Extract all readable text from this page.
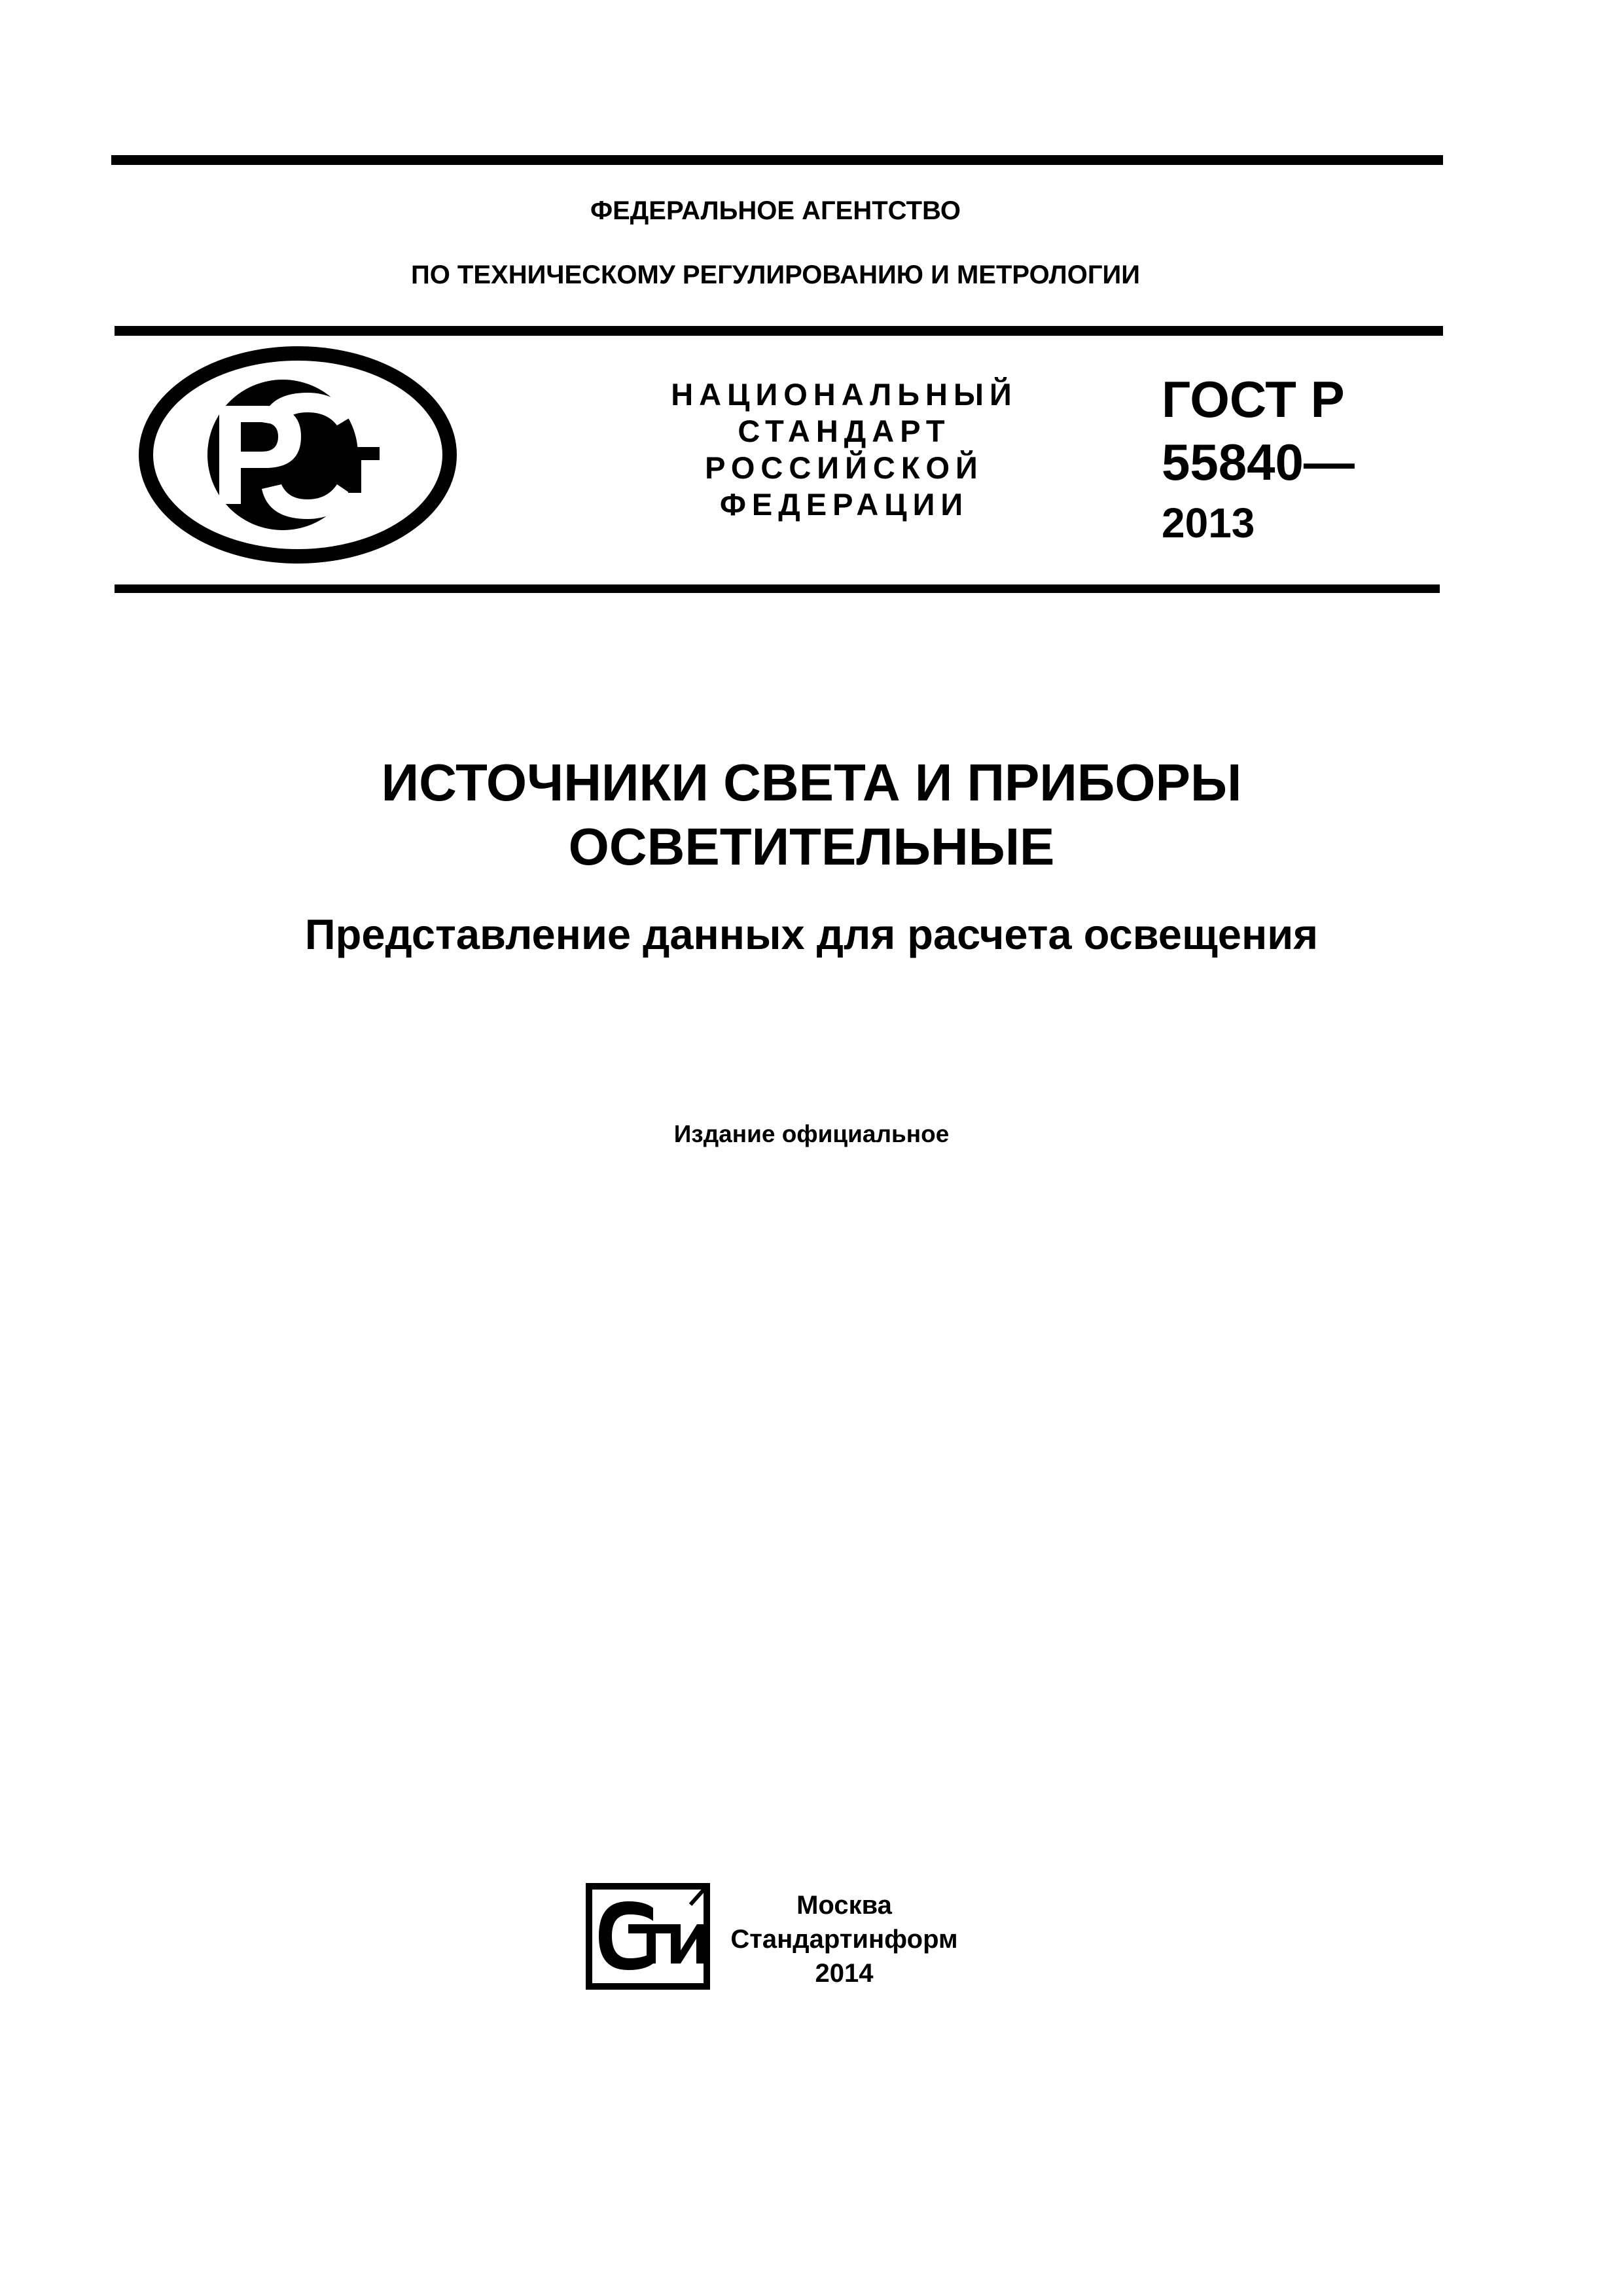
ФЕДЕРАЛЬНОЕ АГЕНТСТВО
ПО ТЕХНИЧЕСКОМУ РЕГУЛИРОВАНИЮ И МЕТРОЛОГИИ
НАЦИОНАЛЬНЫЙ
СТАНДАРТ
РОССИЙСКОЙ
ФЕДЕРАЦИИ
ГОСТ Р
55840—
2013
ИСТОЧНИКИ СВЕТА И ПРИБОРЫ
ОСВЕТИТЕЛЬНЫЕ
Представление данных для расчета освещения
Издание официальное
Москва
Стандартинформ
2014
